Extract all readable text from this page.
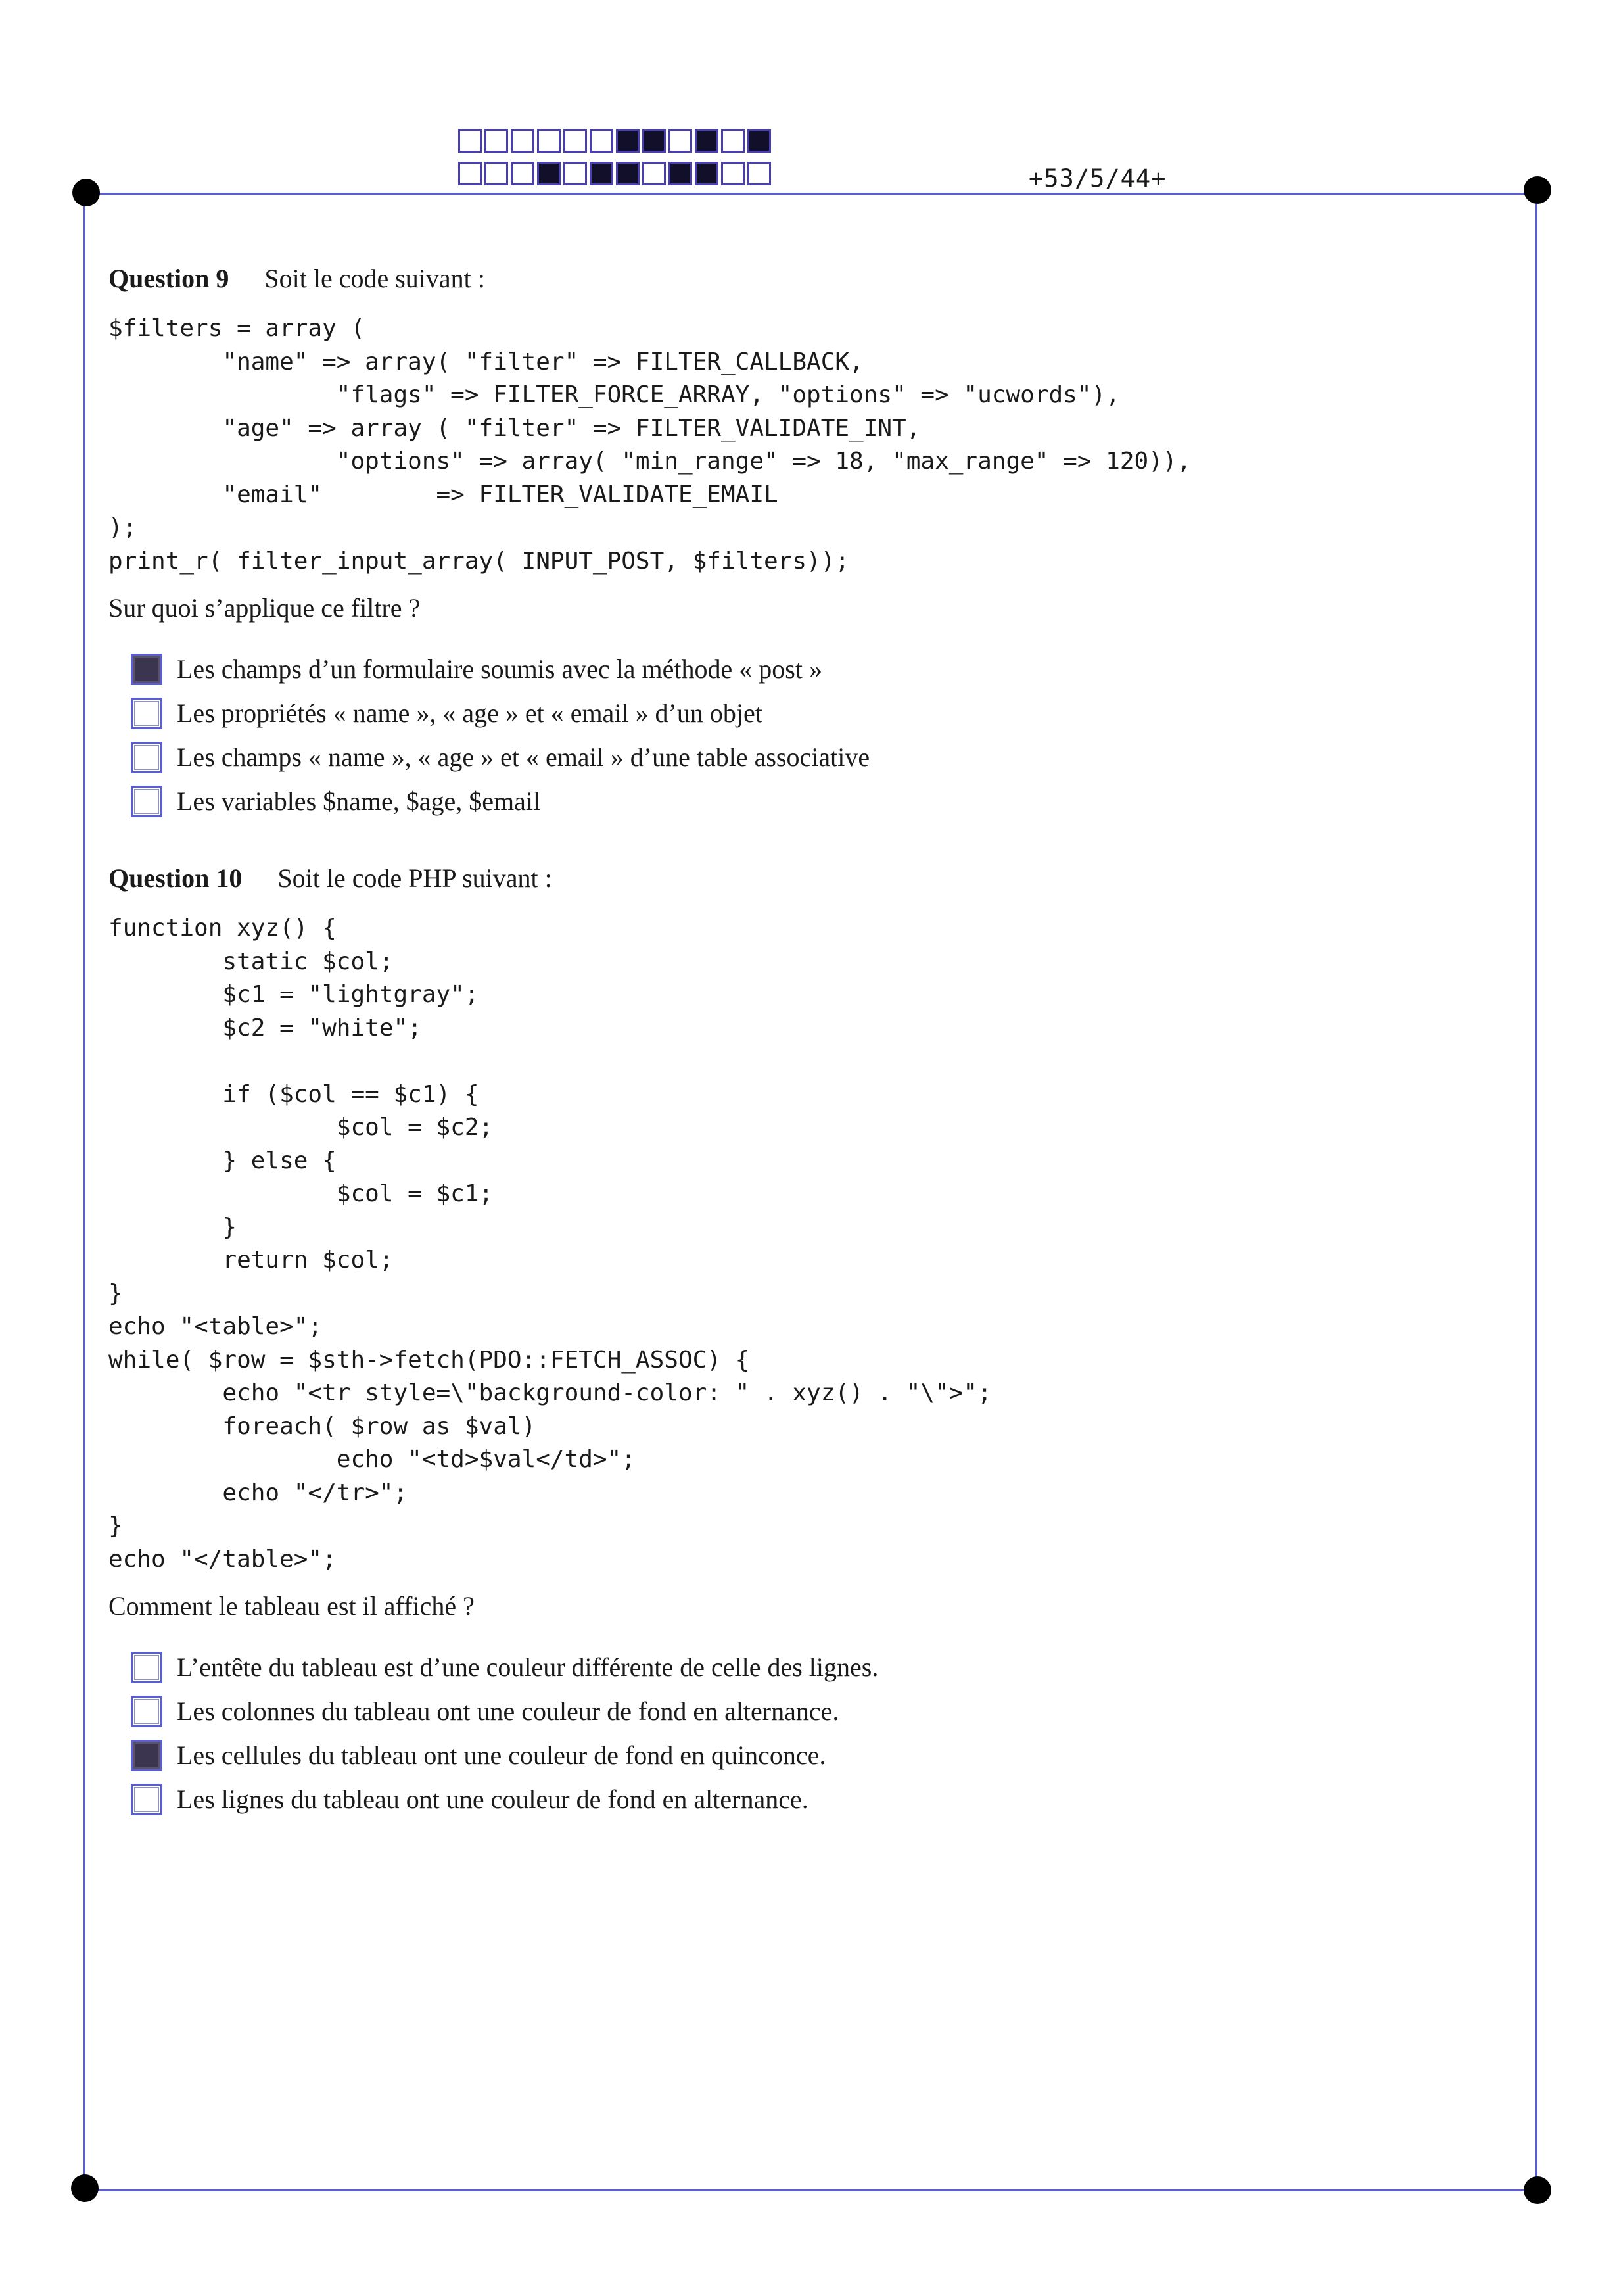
+53/5/44+
Question 9 Soit le code suivant :
$filters = array (
"name" => array( "filter" => FILTER_CALLBACK,
"flags" => FILTER_FORCE_ARRAY, "options" => "ucwords"),
"age" => array ( "filter" => FILTER_VALIDATE_INT,
"options" => array( "min_range" => 18, "max_range" => 120)),
"email"        => FILTER_VALIDATE_EMAIL
);
print_r( filter_input_array( INPUT_POST, $filters));
Sur quoi s’applique ce filtre ?
Les champs d’un formulaire soumis avec la méthode « post »
Les propriétés « name », « age » et « email » d’un objet
Les champs « name », « age » et « email » d’une table associative
Les variables $name, $age, $email
Question 10 Soit le code PHP suivant :
function xyz() {
static $col;
$c1 = "lightgray";
$c2 = "white";

if ($col == $c1) {
$col = $c2;
} else {
$col = $c1;
}
return $col;
}
echo "<table>";
while( $row = $sth->fetch(PDO::FETCH_ASSOC) {
echo "<tr style=\"background-color: " . xyz() . "\">";
foreach( $row as $val)
echo "<td>$val</td>";
echo "</tr>";
}
echo "</table>";
Comment le tableau est il affiché ?
L’entête du tableau est d’une couleur différente de celle des lignes.
Les colonnes du tableau ont une couleur de fond en alternance.
Les cellules du tableau ont une couleur de fond en quinconce.
Les lignes du tableau ont une couleur de fond en alternance.
